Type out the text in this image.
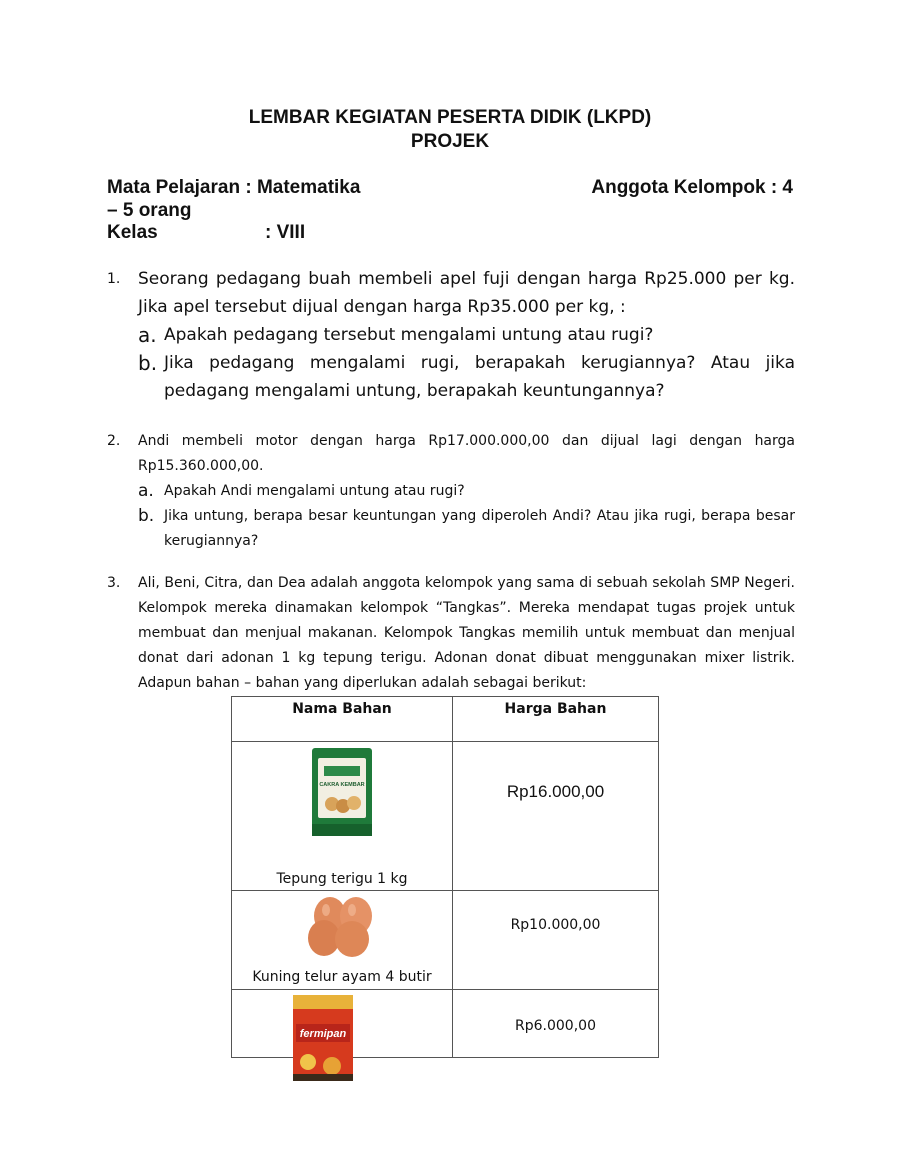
LEMBAR KEGIATAN PESERTA DIDIK (LKPD)
PROJEK
Mata Pelajaran : Matematika	Anggota Kelompok : 4
– 5 orang
Kelas	: VIII
1. Seorang pedagang buah membeli apel fuji dengan harga Rp25.000 per kg. Jika apel tersebut dijual dengan harga Rp35.000 per kg, :
a. Apakah pedagang tersebut mengalami untung atau rugi?
b. Jika pedagang mengalami rugi, berapakah kerugiannya? Atau jika pedagang mengalami untung, berapakah keuntungannya?
2. Andi membeli motor dengan harga Rp17.000.000,00 dan dijual lagi dengan harga Rp15.360.000,00.
a. Apakah Andi mengalami untung atau rugi?
b. Jika untung, berapa besar keuntungan yang diperoleh Andi? Atau jika rugi, berapa besar kerugiannya?
3. Ali, Beni, Citra, dan Dea adalah anggota kelompok yang sama di sebuah sekolah SMP Negeri. Kelompok mereka dinamakan kelompok “Tangkas”. Mereka mendapat tugas projek untuk membuat dan menjual makanan. Kelompok Tangkas memilih untuk membuat dan menjual donat dari adonan 1 kg tepung terigu. Adonan donat dibuat menggunakan mixer listrik. Adapun bahan – bahan yang diperlukan adalah sebagai berikut:
Nama Bahan	Harga Bahan

CAKRA KEMBAR
Tepung terigu 1 kg	Rp16.000,00

Kuning telur ayam 4 butir	Rp10.000,00

fermipan	Rp6.000,00
